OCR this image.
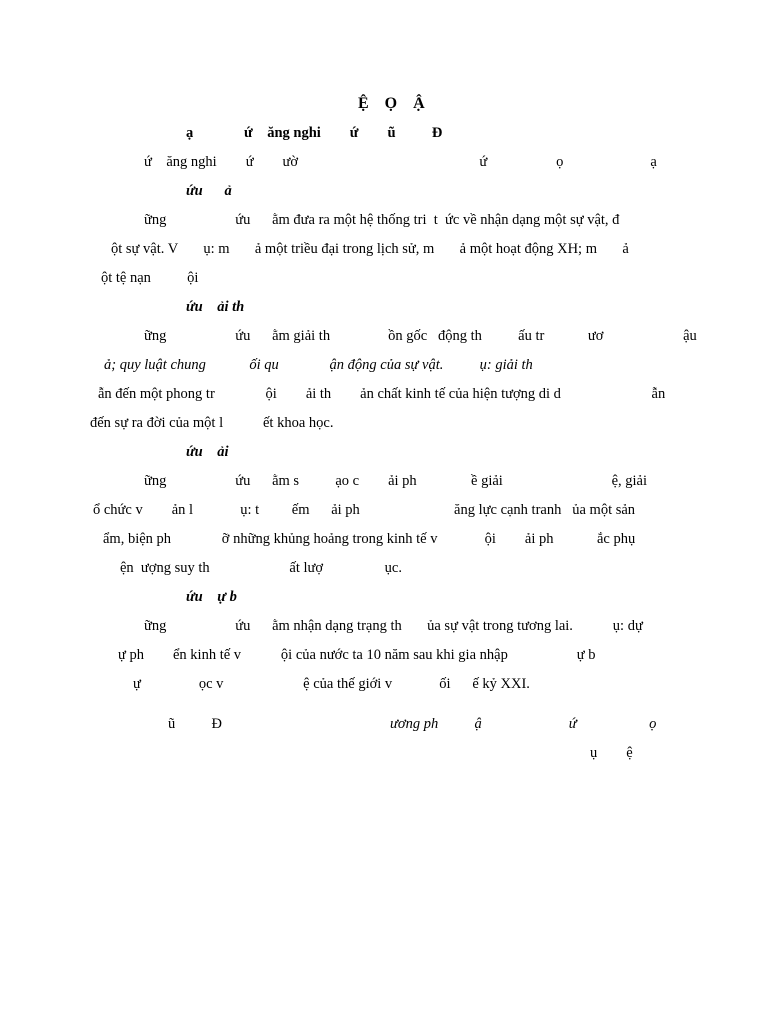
Ệ    Ọ    Ậ
ạ              ứ    ăng nghi        ứ        ũ          Đ
ứ    ăng nghi        ứ        ườ                                                  ứ                   ọ                        ạ
ứu      ả
ững                   ứu      ằm đưa ra một hệ thống tri  t  ức về nhận dạng một sự vật, đ
ột sự vật. V       ụ: m       ả một triều đại trong lịch sử, m       ả một hoạt động XH; m       ả
ột tệ nạn          ội
ứu    ải th
ững                   ứu      ằm giải th                ồn gốc   động th          ấu tr            ươ                      ậu
ả; quy luật chung            ối qu              ận động của sự vật.          ụ: giải th
ẫn đến một phong tr              ội        ải th        ản chất kinh tế của hiện tượng di d                         ẫn
đến sự ra đời của một l           ết khoa học.
ứu    ải
ững                   ứu      ằm s          ạo c        ải ph               ề giải                              ệ, giải
ổ chức v        ản l             ụ: t         ếm      ải ph                          ăng lực cạnh tranh   ủa một sản
ẩm, biện ph              ỡ những khủng hoảng trong kinh tế v             ội        ải ph            ắc phụ
ện  ượng suy th                      ất lượ                 ục.
ứu    ự b
ững                   ứu      ằm nhận dạng trạng th       ủa sự vật trong tương lai.           ụ: dự
ự ph        ển kinh tế v           ội của nước ta 10 năm sau khi gia nhập                   ự b
ự                ọc v                      ệ của thế giới v             ối      ế kỷ XXI.
ũ          Đ	ương ph          ậ                        ứ                    ọ
ụ        ệ
